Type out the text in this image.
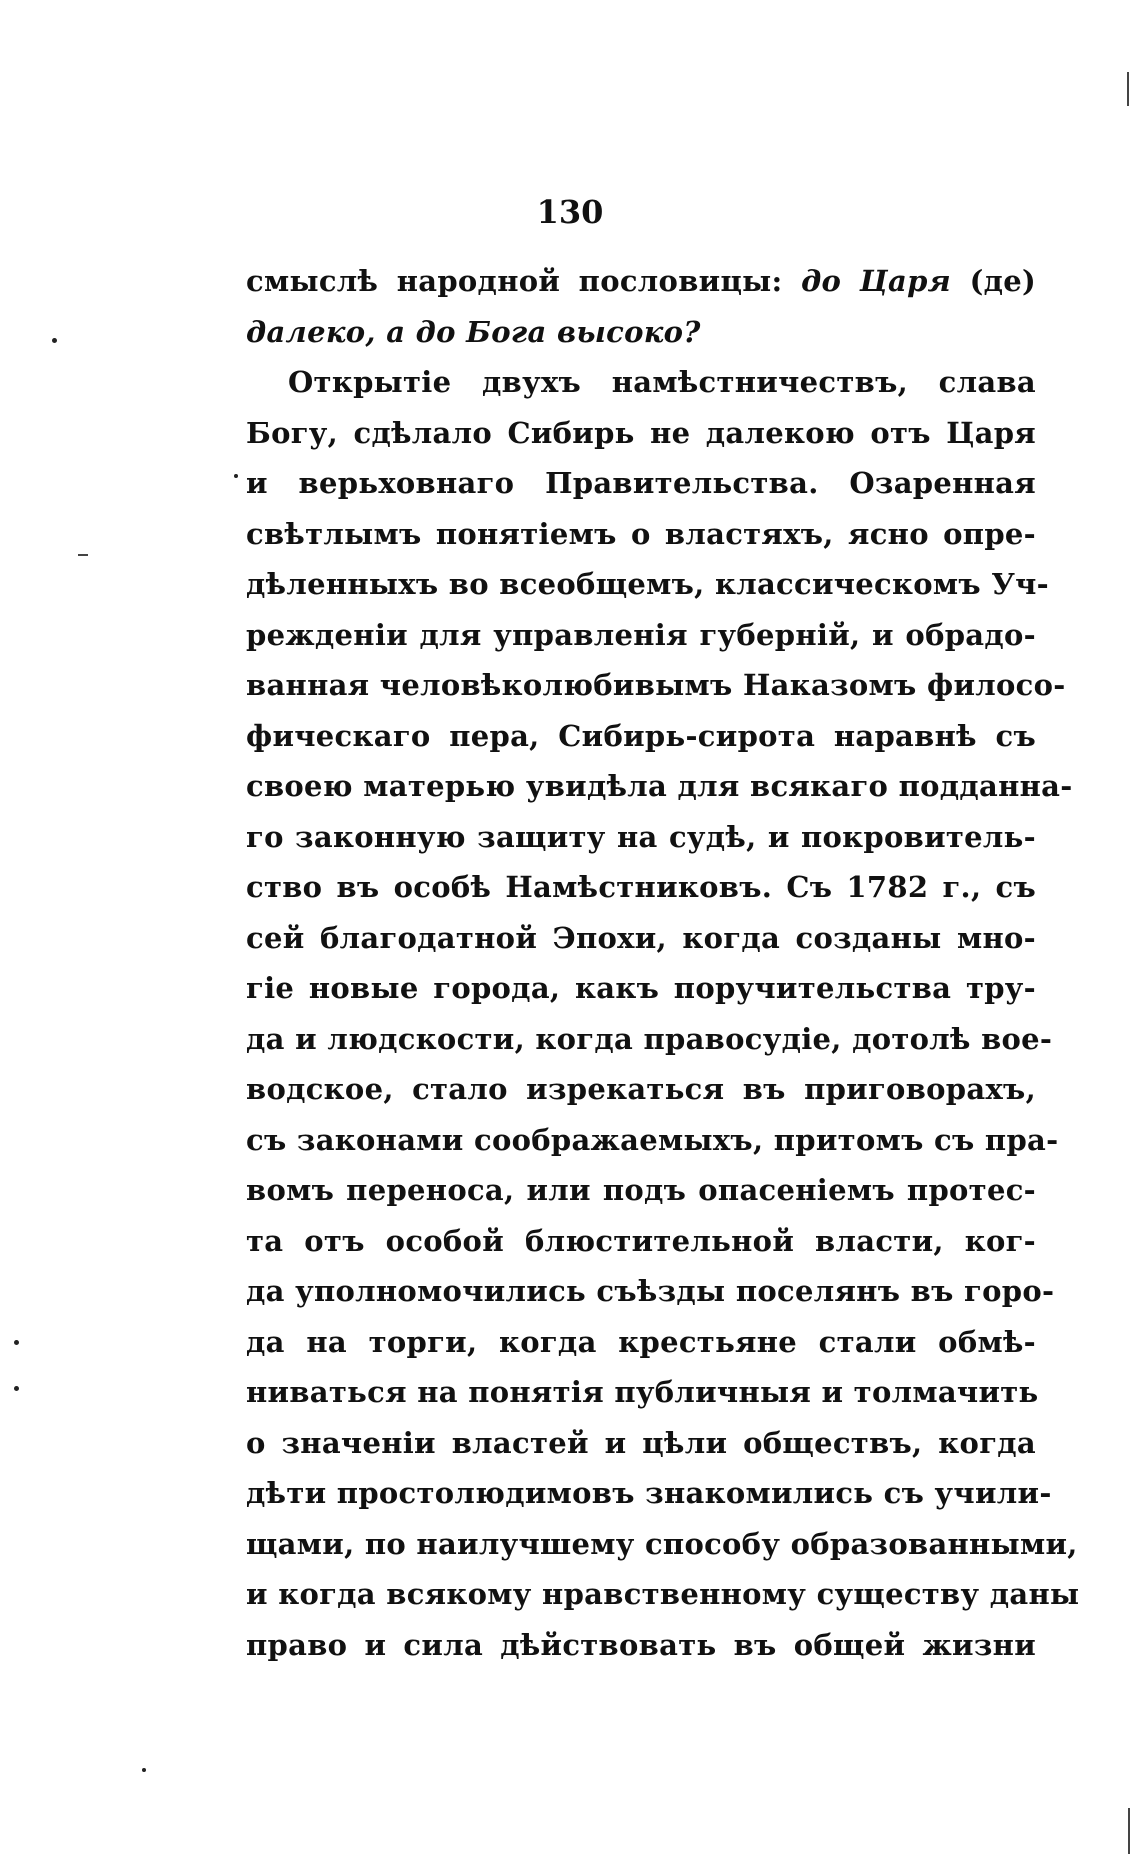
130
смыслѣ народной пословицы: до Царя (де)
далеко, а до Бога высоко?
Открытіе двухъ намѣстничествъ, слава
Богу, сдѣлало Сибирь не далекою отъ Царя
и верьховнаго Правительства. Озаренная
свѣтлымъ понятіемъ о властяхъ, ясно опре-
дѣленныхъ во всеобщемъ, классическомъ Уч-
режденіи для управленія губерній, и обрадо-
ванная человѣколюбивымъ Наказомъ филосо-
фическаго пера, Сибирь-сирота наравнѣ съ
своею матерью увидѣла для всякаго подданна-
го законную защиту на судѣ, и покровитель-
ство въ особѣ Намѣстниковъ. Съ 1782 г., съ
сей благодатной Эпохи, когда созданы мно-
гіе новые города, какъ поручительства тру-
да и людскости, когда правосудіе, дотолѣ вое-
водское, стало изрекаться въ приговорахъ,
съ законами соображаемыхъ, притомъ съ пра-
вомъ переноса, или подъ опасеніемъ протес-
та отъ особой блюстительной власти, ког-
да уполномочились съѣзды поселянъ въ горо-
да на торги, когда крестьяне стали обмѣ-
ниваться на понятія публичныя и толмачить
о значеніи властей и цѣли обществъ, когда
дѣти простолюдимовъ знакомились съ учили-
щами, по наилучшему способу образованными,
и когда всякому нравственному существу даны
право и сила дѣйствовать въ общей жизни
